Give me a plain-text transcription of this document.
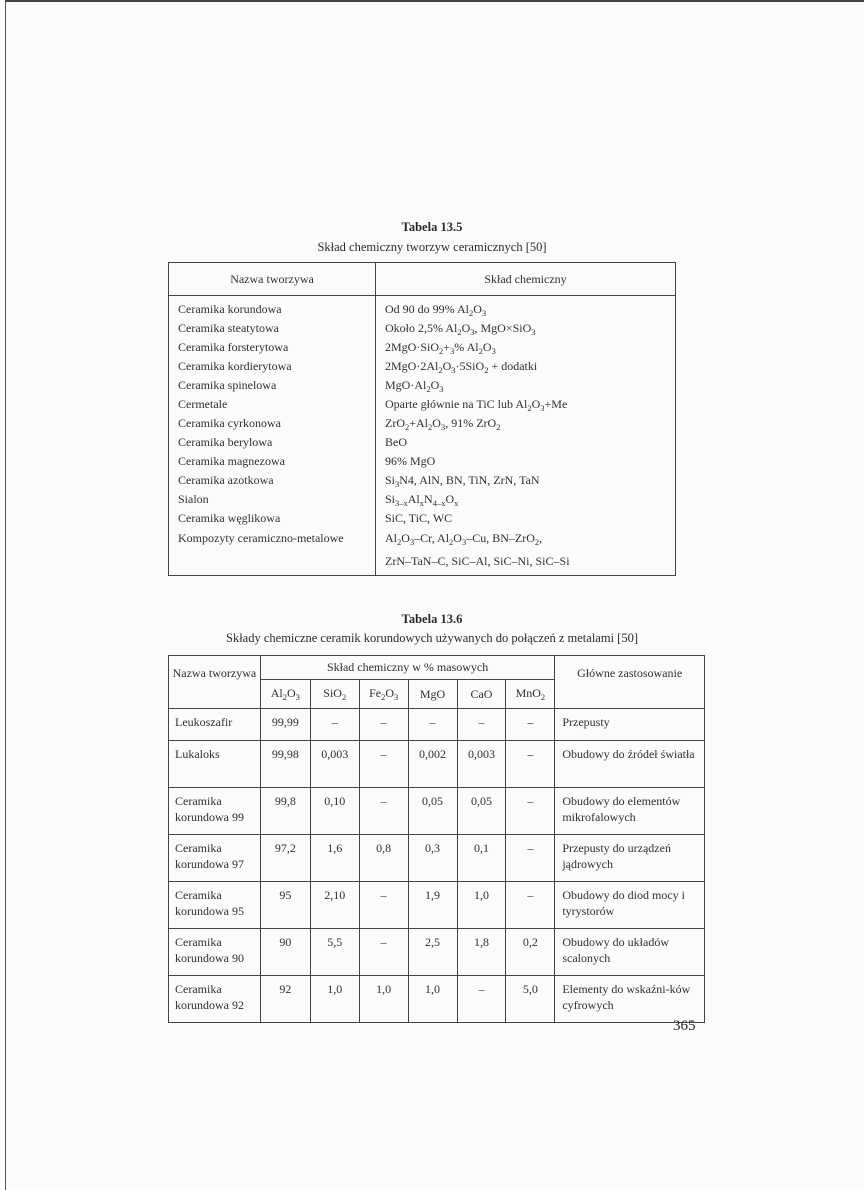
Tabela 13.5
Skład chemiczny tworzyw ceramicznych [50]
Nazwa tworzywa	Skład chemiczny
Ceramika korundowa	Od 90 do 99% $Al_2O_3$
Ceramika steatytowa	Około 2,5% $Al_2O_3$, MgO×SiO$_3$
Ceramika forsterytowa	$2MgO\cdot SiO_2+_3\%$ $Al_2O_3$
Ceramika kordierytowa	$2MgO\cdot 2Al_2O_3\cdot 5SiO_2$ + dodatki
Ceramika spinelowa	$MgO\cdot Al_2O_3$
Cermetale	Oparte głównie na TiC lub $Al_2O_3+Me$
Ceramika cyrkonowa	$ZrO_2+Al_2O_3$, 91% ZrO$_2$
Ceramika berylowa	BeO
Ceramika magnezowa	96% MgO
Ceramika azotkowa	$Si_3N4$, AlN, BN, TiN, ZrN, TaN
Sialon	$Si_{3-x}Al_xN_{4-x}O_x$
Ceramika węglikowa	SiC, TiC, WC
Kompozyty ceramiczno-metalowe	$Al_2O_3-Cr$, $Al_2O_3-Cu$, BN–ZrO$_2$,
ZrN–TaN–C, SiC–Al, SiC–Ni, SiC–Si
Tabela 13.6
Składy chemiczne ceramik korundowych używanych do połączeń z metalami [50]
Nazwa tworzywa	Skład chemiczny w % masowych						Główne zastosowanie
	$Al_2O_3$	SiO$_2$	$Fe_2O_3$	MgO	CaO	MnO$_2$
Leukoszafir	99,99	–	–	–	–	–	Przepusty
Lukaloks	99,98	0,003	–	0,002	0,003	–	Obudowy do źródeł światła
Ceramika korundowa 99	99,8	0,10	–	0,05	0,05	–	Obudowy do elementów mikrofalowych
Ceramika korundowa 97	97,2	1,6	0,8	0,3	0,1	–	Przepusty do urządzeń jądrowych
Ceramika korundowa 95	95	2,10	–	1,9	1,0	–	Obudowy do diod mocy i tyrystorów
Ceramika korundowa 90	90	5,5	–	2,5	1,8	0,2	Obudowy do układów scalonych
Ceramika korundowa 92	92	1,0	1,0	1,0	–	5,0	Elementy do wskaźni-ków cyfrowych
365
